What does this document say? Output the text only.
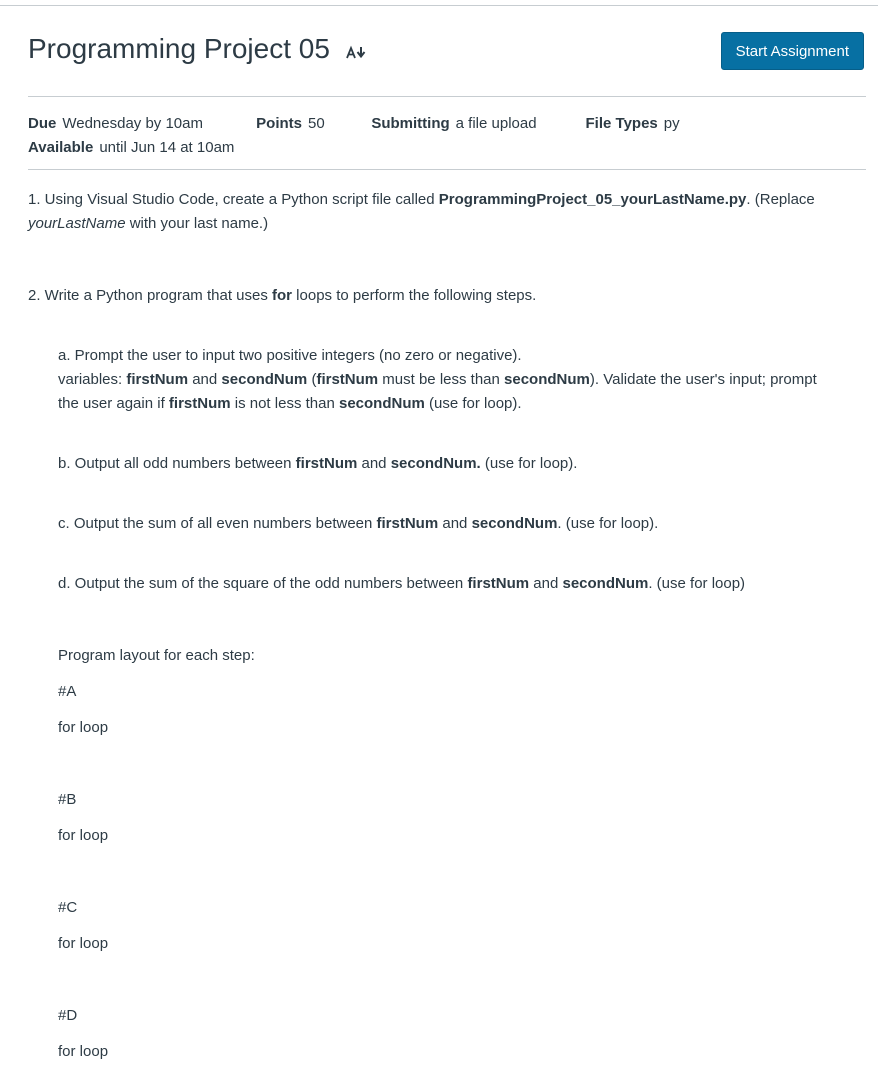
Programming Project 05	Start Assignment
Due Wednesday by 10am	Points 50	Submitting a file upload	File Types py
Available until Jun 14 at 10am

1. Using Visual Studio Code, create a Python script file called ProgrammingProject_05_yourLastName.py. (Replace yourLastName with your last name.)

2. Write a Python program that uses for loops to perform the following steps.

a. Prompt the user to input two positive integers (no zero or negative).
variables: firstNum and secondNum (firstNum must be less than secondNum). Validate the user's input; prompt
the user again if firstNum is not less than secondNum (use for loop).

b. Output all odd numbers between firstNum and secondNum. (use for loop).

c. Output the sum of all even numbers between firstNum and secondNum. (use for loop).

d. Output the sum of the square of the odd numbers between firstNum and secondNum. (use for loop)

Program layout for each step:

#A

for loop

#B

for loop

#C

for loop

#D

for loop
